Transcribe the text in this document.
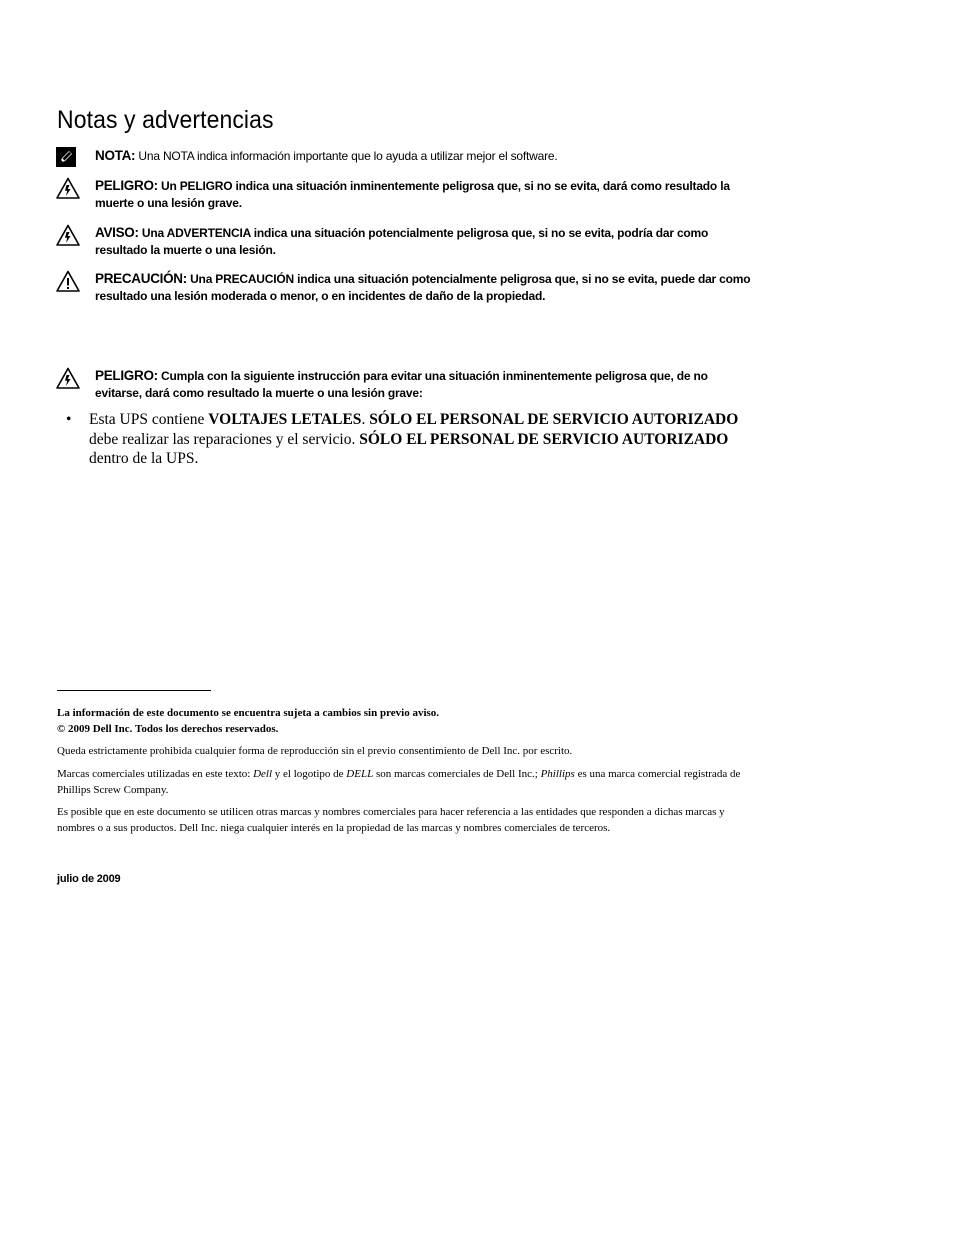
Notas y advertencias
NOTA: Una NOTA indica información importante que lo ayuda a utilizar mejor el software.
PELIGRO: Un PELIGRO indica una situación inminentemente peligrosa que, si no se evita, dará como resultado la muerte o una lesión grave.
AVISO: Una ADVERTENCIA indica una situación potencialmente peligrosa que, si no se evita, podría dar como resultado la muerte o una lesión.
PRECAUCIÓN: Una PRECAUCIÓN indica una situación potencialmente peligrosa que, si no se evita, puede dar como resultado una lesión moderada o menor, o en incidentes de daño de la propiedad.
PELIGRO: Cumpla con la siguiente instrucción para evitar una situación inminentemente peligrosa que, de no evitarse, dará como resultado la muerte o una lesión grave:
• Esta UPS contiene VOLTAJES LETALES. SÓLO EL PERSONAL DE SERVICIO AUTORIZADO debe realizar las reparaciones y el servicio. SÓLO EL PERSONAL DE SERVICIO AUTORIZADO dentro de la UPS.

La información de este documento se encuentra sujeta a cambios sin previo aviso.
© 2009 Dell Inc. Todos los derechos reservados.

Queda estrictamente prohibida cualquier forma de reproducción sin el previo consentimiento de Dell Inc. por escrito.

Marcas comerciales utilizadas en este texto: Dell y el logotipo de DELL son marcas comerciales de Dell Inc.; Phillips es una marca comercial registrada de Phillips Screw Company.

Es posible que en este documento se utilicen otras marcas y nombres comerciales para hacer referencia a las entidades que responden a dichas marcas y nombres o a sus productos. Dell Inc. niega cualquier interés en la propiedad de las marcas y nombres comerciales de terceros.

julio de 2009
